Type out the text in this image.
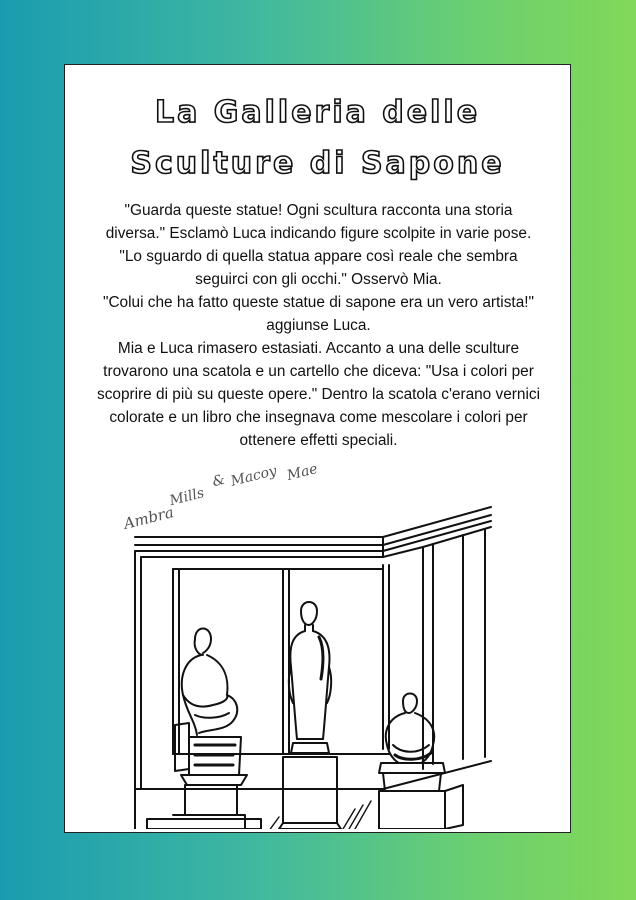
La Galleria delle
Sculture di Sapone

"Guarda queste statue! Ogni scultura racconta una storia diversa." Esclamò Luca indicando figure scolpite in varie pose.

"Lo sguardo di quella statua appare così reale che sembra seguirci con gli occhi." Osservò Mia.

"Colui che ha fatto queste statue di sapone era un vero artista!" aggiunse Luca.

Mia e Luca rimasero estasiati. Accanto a una delle sculture trovarono una scatola e un cartello che diceva: "Usa i colori per scoprire di più su queste opere." Dentro la scatola c'erano vernici colorate e un libro che insegnava come mescolare i colori per ottenere effetti speciali.

Ambra
Mills
& Macoy Mae
